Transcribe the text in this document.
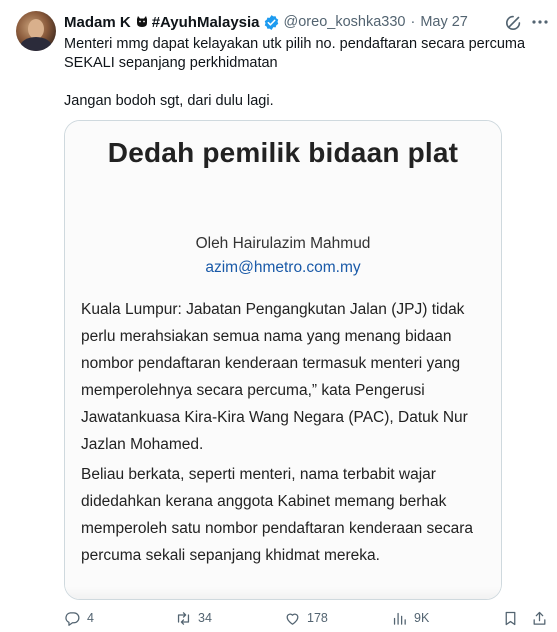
Madam K #AyuhMalaysia @oreo_koshka330 · May 27

Menteri mmg dapat kelayakan utk pilih no. pendaftaran secara percuma

SEKALI sepanjang perkhidmatan

Jangan bodoh sgt, dari dulu lagi.

Dedah pemilik bidaan plat
Oleh Hairulazim Mahmud
azim@hmetro.com.my
Kuala Lumpur: Jabatan Pengangkutan Jalan (JPJ) tidak perlu merahsiakan semua nama yang menang bidaan nombor pendaftaran kenderaan termasuk menteri yang memperolehnya secara percuma,” kata Pengerusi Jawatankuasa Kira-Kira Wang Negara (PAC), Datuk Nur Jazlan Mohamed.
Beliau berkata, seperti menteri, nama terbabit wajar didedahkan kerana anggota Kabinet memang berhak memperoleh satu nombor pendaftaran kenderaan secara percuma sekali sepanjang khidmat mereka.
4	34	178	9K
